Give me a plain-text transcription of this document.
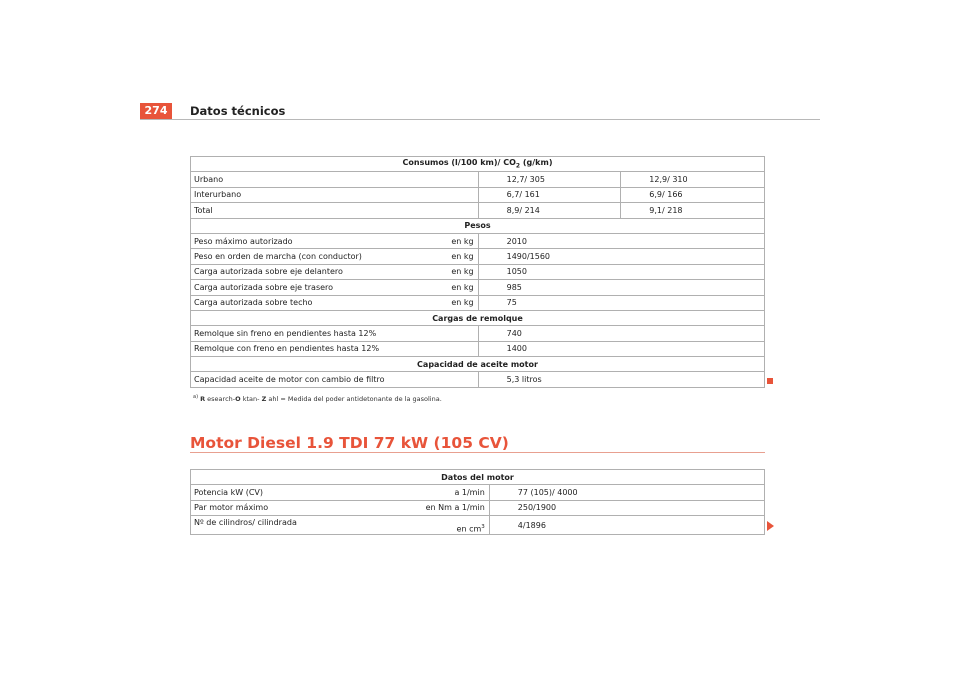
274	Datos técnicos
Consumos (l/100 km)/ $CO_2$ (g/km)			
Urbano		12,7/ 305	12,9/ 310
Interurbano		6,7/ 161	6,9/ 166
Total		8,9/ 214	9,1/ 218
Pesos			
Peso máximo autorizado	en kg	2010	
Peso en orden de marcha (con conductor)	en kg	1490/1560	
Carga autorizada sobre eje delantero	en kg	1050	
Carga autorizada sobre eje trasero	en kg	985	
Carga autorizada sobre techo	en kg	75	
Cargas de remolque			
Remolque sin freno en pendientes hasta 12%		740	
Remolque con freno en pendientes hasta 12%		1400	
Capacidad de aceite motor			
Capacidad aceite de motor con cambio de filtro		5,3 litros	
$^{a)}$ R esearch-O ktan- Z ahl = Medida del poder antidetonante de la gasolina.
Motor Diesel 1.9 TDI 77 kW (105 CV)
Datos del motor		
Potencia kW (CV)	a 1/min	77 (105)/ 4000
Par motor máximo	en Nm a 1/min	250/1900
Nº de cilindros/ cilindrada	en $cm^3$	4/1896
